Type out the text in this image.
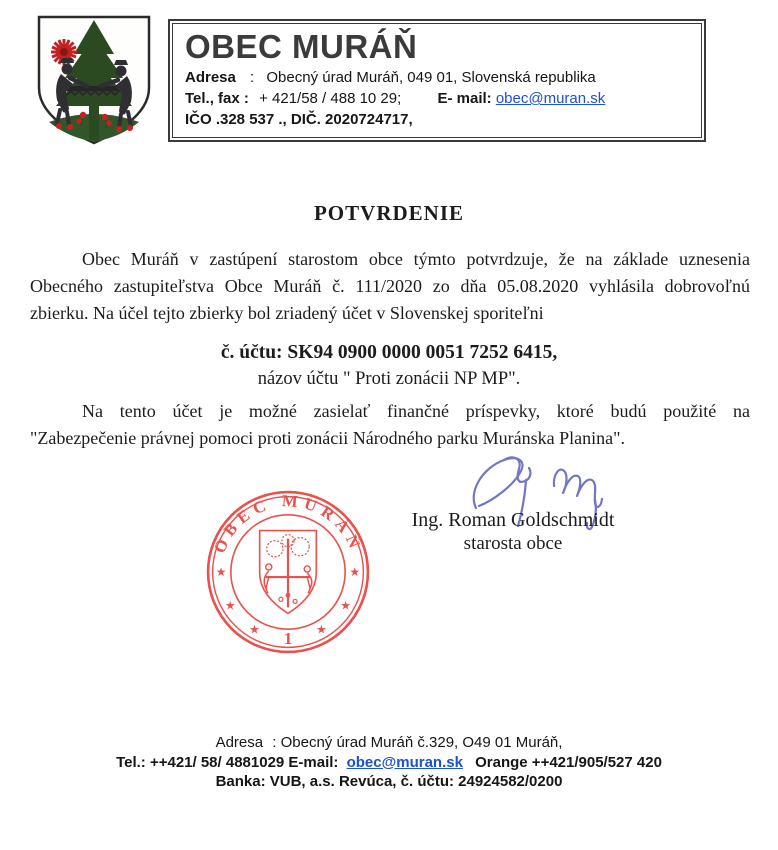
OBEC MURÁŇ
Adresa : Obecný úrad Muráň, 049 01, Slovenská republika
Tel., fax : + 421/58 / 488 10 29; E- mail: obec@muran.sk
IČO .328 537 ., DIČ. 2020724717,
POTVRDENIE
Obec Muráň v zastúpení starostom obce týmto potvrdzuje, že na základe uznesenia
Obecného zastupiteľstva Obce Muráň č. 111/2020 zo dňa 05.08.2020 vyhlásila dobrovoľnú
zbierku. Na účel tejto zbierky bol zriadený účet v Slovenskej sporiteľni
č. účtu: SK94 0900 0000 0051 7252 6415,
názov účtu " Proti zonácii NP MP".
Na tento účet je možné zasielať finančné príspevky, ktoré budú použité na
"Zabezpečenie právnej pomoci proti zonácii Národného parku Muránska Planina".
Ing. Roman Goldschmidt
starosta obce
OBEC MURÁŇ
★
★
★
★
★
★
1
Adresa : Obecný úrad Muráň č.329, O49 01 Muráň,
Tel.: ++421/ 58/ 4881029 E-mail: obec@muran.sk Orange ++421/905/527 420
Banka: VUB, a.s. Revúca, č. účtu: 24924582/0200
